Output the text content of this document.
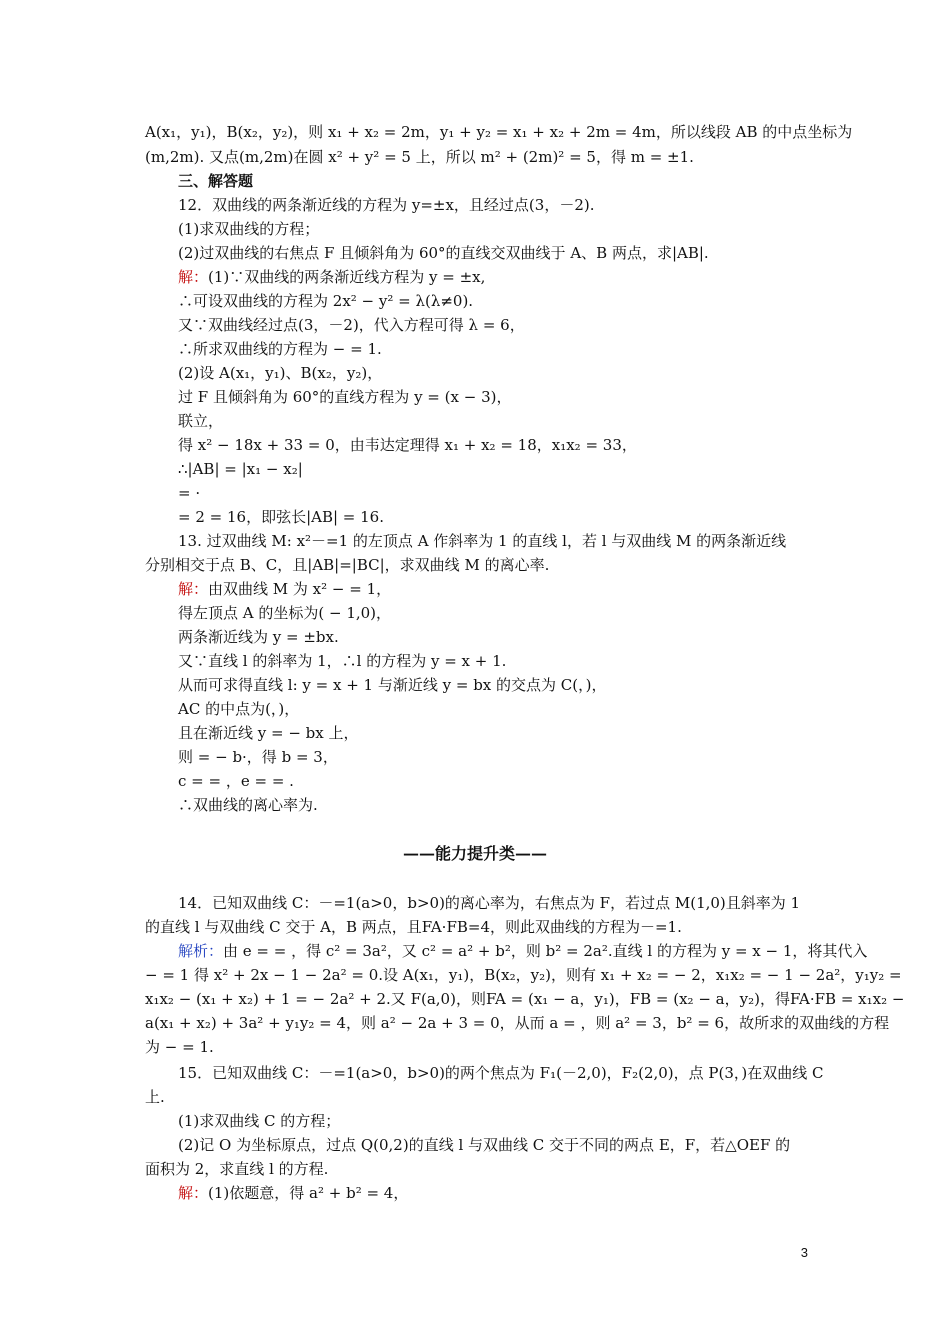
A(x₁，y₁)，B(x₂，y₂)，则 x₁ + x₂ = 2m，y₁ + y₂ = x₁ + x₂ + 2m = 4m，所以线段 AB 的中点坐标为
(m,2m). 又点(m,2m)在圆 x² + y² = 5 上，所以 m² + (2m)² = 5，得 m = ±1.
三、解答题
12．双曲线的两条渐近线的方程为 y=±x，且经过点(3，－2).
(1)求双曲线的方程；
(2)过双曲线的右焦点 F 且倾斜角为 60°的直线交双曲线于 A、B 两点，求|AB|.
解：(1)∵双曲线的两条渐近线方程为 y = ±x,
∴可设双曲线的方程为 2x² − y² = λ(λ≠0).
又∵双曲线经过点(3，－2)，代入方程可得 λ = 6，
∴所求双曲线的方程为 − = 1.
(2)设 A(x₁，y₁)、B(x₂，y₂)，
过 F 且倾斜角为 60°的直线方程为 y = (x − 3)，
联立，
得 x² − 18x + 33 = 0，由韦达定理得 x₁ + x₂ = 18，x₁x₂ = 33，
∴|AB| = |x₁ − x₂|
= ·
= 2 = 16，即弦长|AB| = 16.
13. 过双曲线 M: x²－=1 的左顶点 A 作斜率为 1 的直线 l，若 l 与双曲线 M 的两条渐近线
分别相交于点 B、C，且|AB|=|BC|，求双曲线 M 的离心率.
解：由双曲线 M 为 x² − = 1，
得左顶点 A 的坐标为( − 1,0)，
两条渐近线为 y = ±bx.
又∵直线 l 的斜率为 1，∴l 的方程为 y = x + 1.
从而可求得直线 l: y = x + 1 与渐近线 y = bx 的交点为 C(，)，
AC 的中点为(，)，
且在渐近线 y = − bx 上，
则 = − b·，得 b = 3，
c = = ，e = = .
∴双曲线的离心率为.
——能力提升类——
14．已知双曲线 C：－=1(a>0，b>0)的离心率为，右焦点为 F，若过点 M(1,0)且斜率为 1
的直线 l 与双曲线 C 交于 A，B 两点，且FA·FB=4，则此双曲线的方程为－=1.
解析：由 e = = ，得 c² = 3a²，又 c² = a² + b²，则 b² = 2a².直线 l 的方程为 y = x − 1，将其代入
− = 1 得 x² + 2x − 1 − 2a² = 0.设 A(x₁，y₁)，B(x₂，y₂)，则有 x₁ + x₂ = − 2，x₁x₂ = − 1 − 2a²，y₁y₂ =
x₁x₂ − (x₁ + x₂) + 1 = − 2a² + 2.又 F(a,0)，则FA = (x₁ − a，y₁)，FB = (x₂ − a，y₂)，得FA·FB = x₁x₂ −
a(x₁ + x₂) + 3a² + y₁y₂ = 4，则 a² − 2a + 3 = 0，从而 a = ，则 a² = 3，b² = 6，故所求的双曲线的方程
为 − = 1.
15．已知双曲线 C：－=1(a>0，b>0)的两个焦点为 F₁(－2,0)，F₂(2,0)，点 P(3，)在双曲线 C
上.
(1)求双曲线 C 的方程；
(2)记 O 为坐标原点，过点 Q(0,2)的直线 l 与双曲线 C 交于不同的两点 E，F，若△OEF 的
面积为 2，求直线 l 的方程.
解：(1)依题意，得 a² + b² = 4，
3
